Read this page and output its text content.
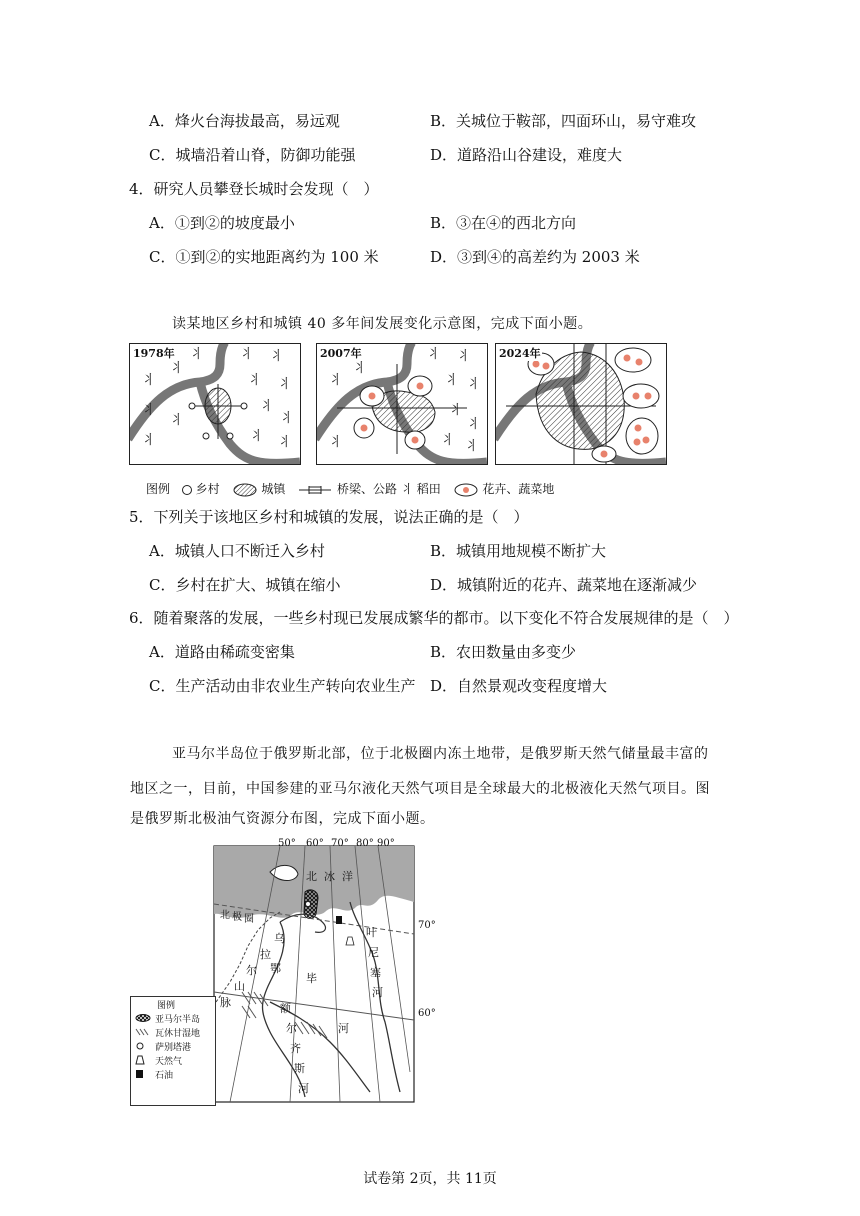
A．烽火台海拔最高，易远观	B．关城位于鞍部，四面环山，易守难攻
C．城墙沿着山脊，防御功能强	D．道路沿山谷建设，难度大
4．研究人员攀登长城时会发现（　）
A．①到②的坡度最小	B．③在④的西北方向
C．①到②的实地距离约为 100 米	D．③到④的高差约为 2003 米
读某地区乡村和城镇 40 多年间发展变化示意图，完成下面小题。
⺦
⺦
⺦	⺦ ⺦
⺦ ⺦
⺦
⺦
⺦
⺦
⺦	⺦ ⺦
1978年
⺦
⺦
⺦ ⺦
⺦ ⺦
⺦
⺦
⺦	⺦ ⺦
2007年	2024年
图例 乡村	城镇	桥梁、公路 ⺦ 稻田	花卉、蔬菜地
5．下列关于该地区乡村和城镇的发展，说法正确的是（　）
A．城镇人口不断迁入乡村	B．城镇用地规模不断扩大
C．乡村在扩大、城镇在缩小	D．城镇附近的花卉、蔬菜地在逐渐减少
6．随着聚落的发展，一些乡村现已发展成繁华的都市。以下变化不符合发展规律的是（　）
A．道路由稀疏变密集	B．农田数量由多变少
C．生产活动由非农业生产转向农业生产 D．自然景观改变程度增大
亚马尔半岛位于俄罗斯北部，位于北极圈内冻土地带，是俄罗斯天然气储量最丰富的
地区之一，目前，中国参建的亚马尔液化天然气项目是全球最大的北极液化天然气项目。图
是俄罗斯北极油气资源分布图，完成下面小题。
50° 60° 70° 80° 90°
70°
60°
北 冰 洋
北 极 圈
乌
拉
尔
山
脉
鄂
毕
河
额
尔
齐
斯
河
叶
尼
塞
河
图例
亚马尔半岛
瓦休甘湿地
萨别塔港
天然气
石油
试卷第 2页，共 11页
